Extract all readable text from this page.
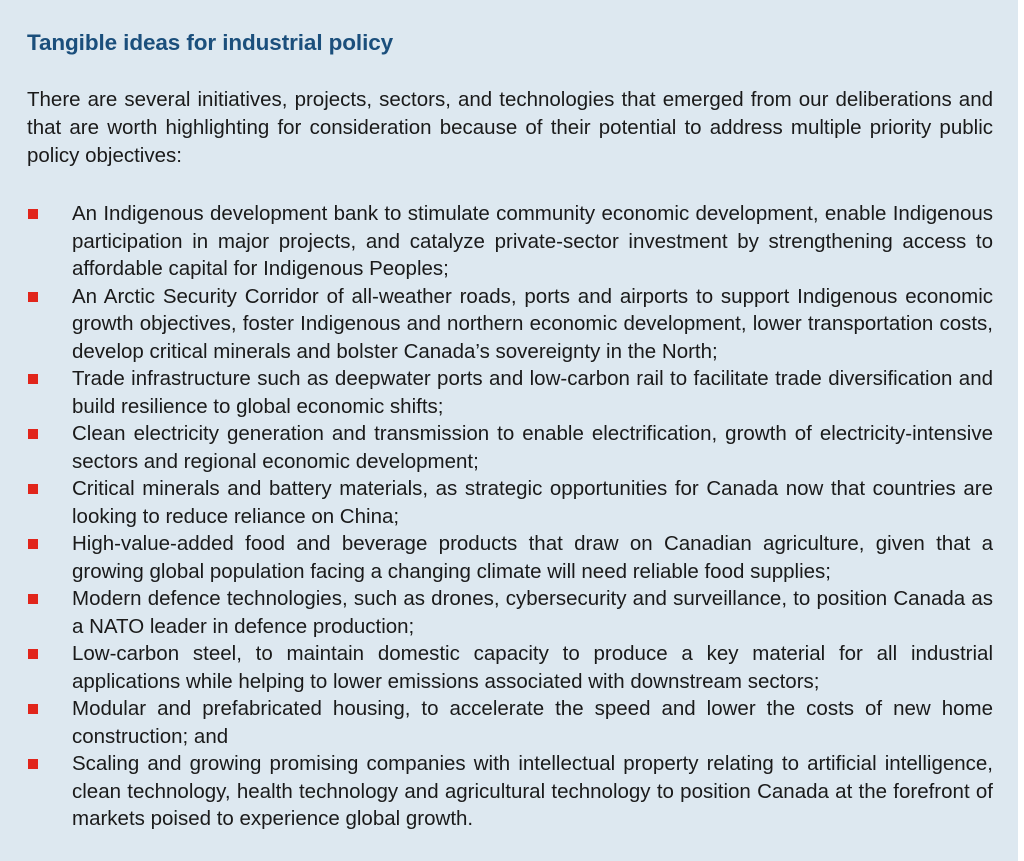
Tangible ideas for industrial policy

There are several initiatives, projects, sectors, and technologies that emerged from our deliberations and that are worth highlighting for consideration because of their potential to address multiple priority public policy objectives:

An Indigenous development bank to stimulate community economic development, enable Indigenous participation in major projects, and catalyze private-sector investment by strengthening access to affordable capital for Indigenous Peoples;
An Arctic Security Corridor of all-weather roads, ports and airports to support Indigenous economic growth objectives, foster Indigenous and northern economic development, lower transportation costs, develop critical minerals and bolster Canada’s sovereignty in the North;
Trade infrastructure such as deepwater ports and low-carbon rail to facilitate trade diversification and build resilience to global economic shifts;
Clean electricity generation and transmission to enable electrification, growth of electricity-intensive sectors and regional economic development;
Critical minerals and battery materials, as strategic opportunities for Canada now that countries are looking to reduce reliance on China;
High-value-added food and beverage products that draw on Canadian agriculture, given that a growing global population facing a changing climate will need reliable food supplies;
Modern defence technologies, such as drones, cybersecurity and surveillance, to position Canada as a NATO leader in defence production;
Low-carbon steel, to maintain domestic capacity to produce a key material for all industrial applications while helping to lower emissions associated with downstream sectors;
Modular and prefabricated housing, to accelerate the speed and lower the costs of new home construction; and
Scaling and growing promising companies with intellectual property relating to artificial intelligence, clean technology, health technology and agricultural technology to position Canada at the forefront of markets poised to experience global growth.
